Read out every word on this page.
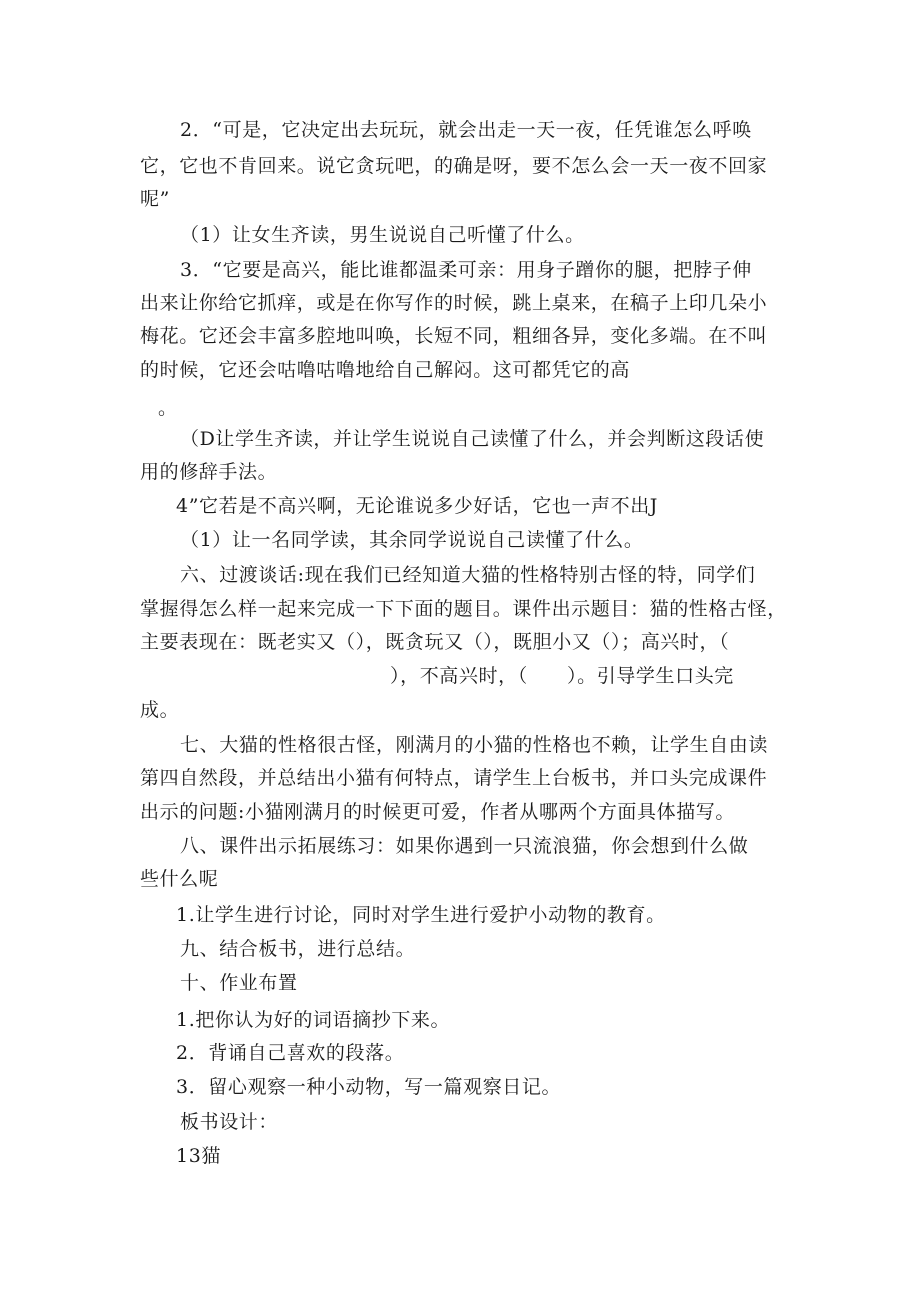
2．“可是，它决定出去玩玩，就会出走一天一夜，任凭谁怎么呼唤
它，它也不肯回来。说它贪玩吧，的确是呀，要不怎么会一天一夜不回家
呢”
（1）让女生齐读，男生说说自己听懂了什么。
3．“它要是高兴，能比谁都温柔可亲：用身子蹭你的腿，把脖子伸
出来让你给它抓痒，或是在你写作的时候，跳上桌来，在稿子上印几朵小
梅花。它还会丰富多腔地叫唤，长短不同，粗细各异，变化多端。在不叫
的时候，它还会咕噜咕噜地给自己解闷。这可都凭它的高
。
（D让学生齐读，并让学生说说自己读懂了什么，并会判断这段话使
用的修辞手法。
4”它若是不高兴啊，无论谁说多少好话，它也一声不出J
（1）让一名同学读，其余同学说说自己读懂了什么。
六、过渡谈话:现在我们已经知道大猫的性格特别古怪的特，同学们
掌握得怎么样一起来完成一下下面的题目。课件出示题目：猫的性格古怪，
主要表现在：既老实又（），既贪玩又（），既胆小又（）；高兴时，（
），不高兴时，（　　）。引导学生口头完
成。
七、大猫的性格很古怪，刚满月的小猫的性格也不赖，让学生自由读
第四自然段，并总结出小猫有何特点，请学生上台板书，并口头完成课件
出示的问题:小猫刚满月的时候更可爱，作者从哪两个方面具体描写。
八、课件出示拓展练习：如果你遇到一只流浪猫，你会想到什么做
些什么呢
1.让学生进行讨论，同时对学生进行爱护小动物的教育。
九、结合板书，进行总结。
十、作业布置
1.把你认为好的词语摘抄下来。
2．背诵自己喜欢的段落。
3．留心观察一种小动物，写一篇观察日记。
板书设计：
13猫
